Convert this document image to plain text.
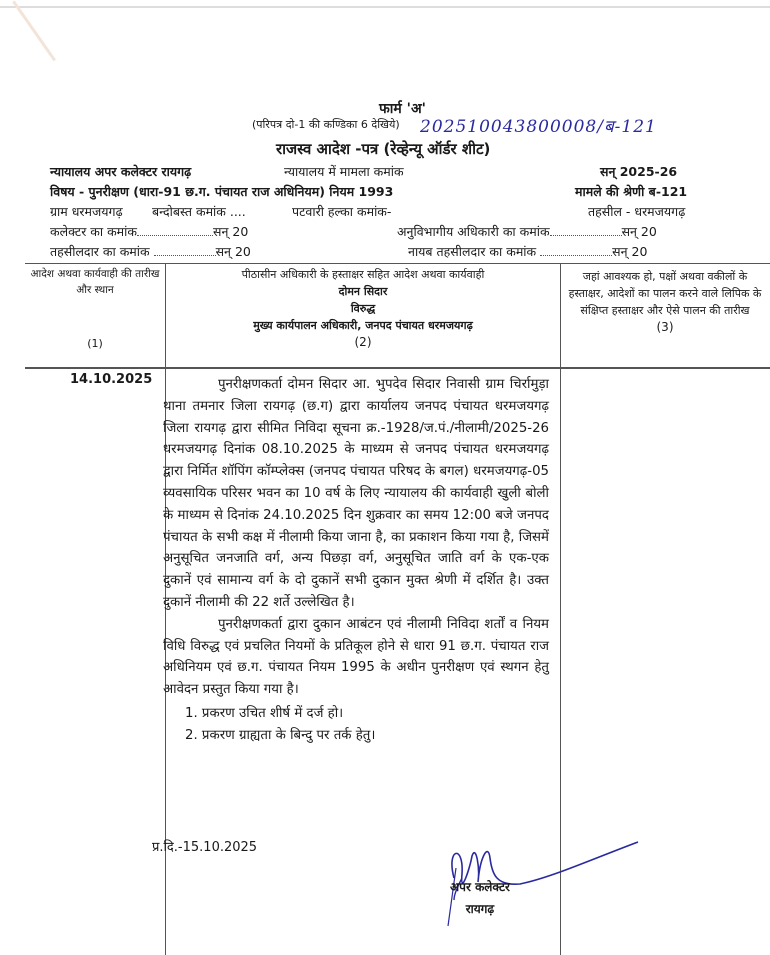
फार्म 'अ'
(परिपत्र दो-1 की कण्डिका 6 देखिये) 202510043800008/ब-121
राजस्व आदेश -पत्र (रेव्हेन्यू ऑर्डर शीट)
न्यायालय अपर कलेक्टर रायगढ़	न्यायालय में मामला कमांक	सन् 2025-26
विषय - पुनरीक्षण (धारा-91 छ.ग. पंचायत राज अधिनियम) नियम 1993	मामले की श्रेणी ब-121
ग्राम धरमजयगढ़ बन्दोबस्त कमांक ....	पटवारी हल्का कमांक-	तहसील - धरमजयगढ़
कलेक्टर का कमांक	सन् 20	अनुविभागीय अधिकारी का कमांक	सन् 20
तहसीलदार का कमांक	सन् 20	नायब तहसीलदार का कमांक	सन् 20
आदेश अथवा कार्यवाही की तारीख और स्थान
(1)
पीठासीन अधिकारी के हस्ताक्षर सहित आदेश अथवा कार्यवाही
दोमन सिदार
विरुद्ध
मुख्य कार्यपालन अधिकारी, जनपद पंचायत धरमजयगढ़
(2)
जहां आवश्यक हो, पक्षों अथवा वकीलों के हस्ताक्षर, आदेशों का पालन करने वाले लिपिक के संक्षिप्त हस्ताक्षर और ऐसे पालन की तारीख
(3)
14.10.2025	पुनरीक्षणकर्ता दोमन सिदार आ. भुपदेव सिदार निवासी ग्राम चिर्रामुड़ा थाना तमनार जिला रायगढ़ (छ.ग) द्वारा कार्यालय जनपद पंचायत धरमजयगढ़ जिला रायगढ़ द्वारा सीमित निविदा सूचना क्र.-1928/ज.पं./नीलामी/2025-26 धरमजयगढ़ दिनांक 08.10.2025 के माध्यम से जनपद पंचायत धरमजयगढ़ द्वारा निर्मित शॉपिंग कॉम्प्लेक्स (जनपद पंचायत परिषद के बगल) धरमजयगढ़-05 व्यवसायिक परिसर भवन का 10 वर्ष के लिए न्यायालय की कार्यवाही खुली बोली के माध्यम से दिनांक 24.10.2025 दिन शुक्रवार का समय 12:00 बजे जनपद पंचायत के सभी कक्ष में नीलामी किया जाना है, का प्रकाशन किया गया है, जिसमें अनुसूचित जनजाति वर्ग, अन्य पिछड़ा वर्ग, अनुसूचित जाति वर्ग के एक-एक दुकानें एवं सामान्य वर्ग के दो दुकानें सभी दुकान मुक्त श्रेणी में दर्शित है। उक्त दुकानें नीलामी की 22 शर्ते उल्लेखित है।

पुनरीक्षणकर्ता द्वारा दुकान आबंटन एवं नीलामी निविदा शर्तों व नियम विधि विरुद्ध एवं प्रचलित नियमों के प्रतिकूल होने से धारा 91 छ.ग. पंचायत राज अधिनियम एवं छ.ग. पंचायत नियम 1995 के अधीन पुनरीक्षण एवं स्थगन हेतु आवेदन प्रस्तुत किया गया है।

1. प्रकरण उचित शीर्ष में दर्ज हो।
2. प्रकरण ग्राह्यता के बिन्दु पर तर्क हेतु।
प्र.दि.-15.10.2025
अपर कलेक्टर
रायगढ़
